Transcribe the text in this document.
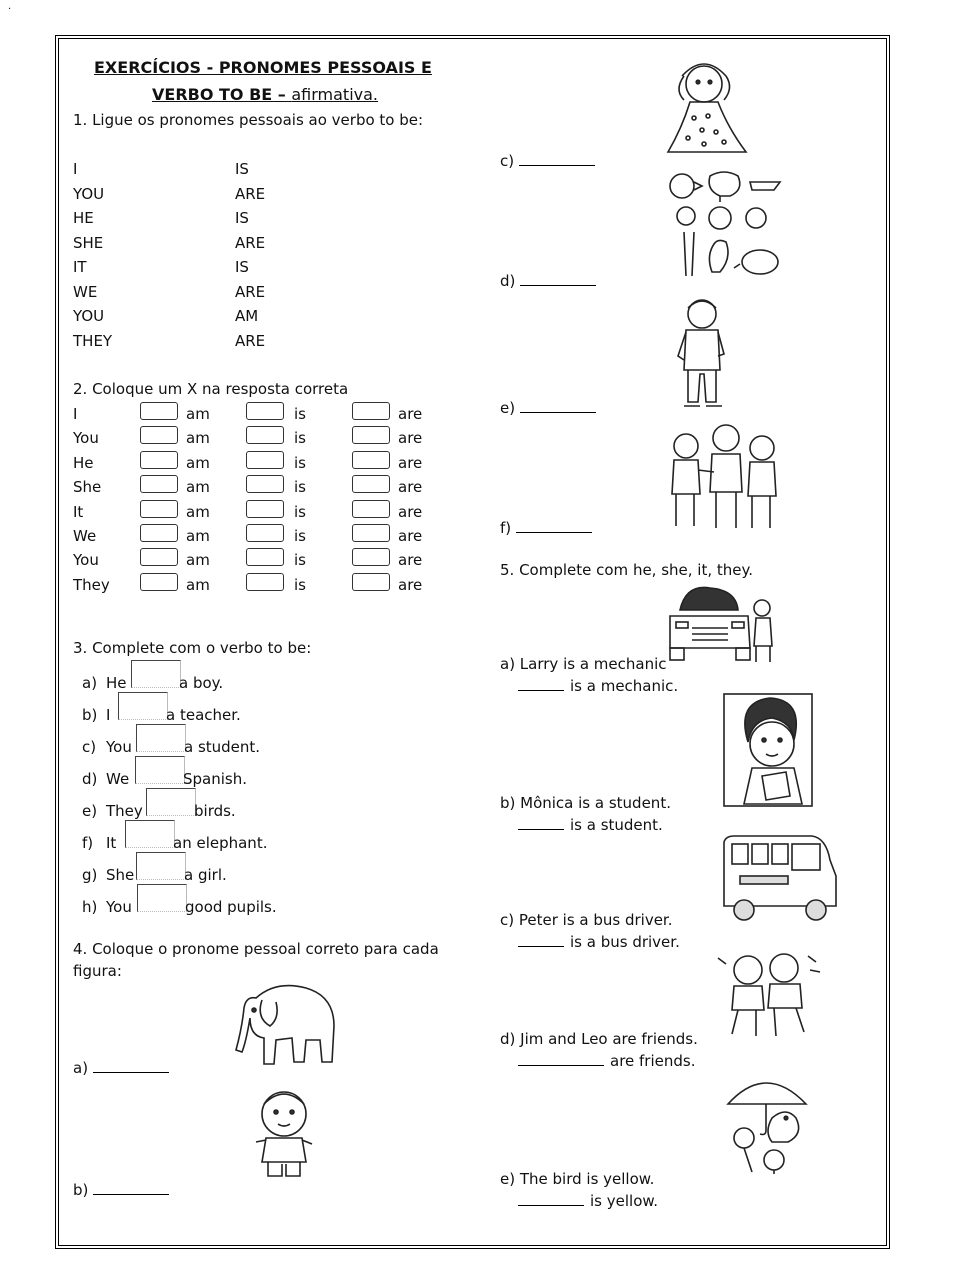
·
EXERCÍCIOS - PRONOMES PESSOAIS E
VERBO TO BE – afirmativa.
1. Ligue os pronomes pessoais ao verbo to be:
I	IS
YOU	ARE
HE	IS
SHE	ARE
IT	IS
WE	ARE
YOU	AM
THEY	ARE
2. Coloque um X na resposta correta
I	am	is	are
You	am	is	are
He	am	is	are
She	am	is	are
It	am	is	are
We	am	is	are
You	am	is	are
They	am	is	are
3. Complete com o verbo to be:
a) He	a boy.
b) I	a teacher.
c) You	a student.
d) We	Spanish.
e) They	birds.
f) It	an elephant.
g) She	a girl.
h) You	good pupils.
4. Coloque o pronome pessoal correto para cada
figura:
a)
b)
c)
d)
e)
f)
5. Complete com he, she, it, they.
a) Larry is a mechanic
is a mechanic.
b) Mônica is a student.
is a student.
c) Peter is a bus driver.
is a bus driver.
d) Jim and Leo are friends.
are friends.
e) The bird is yellow.
is yellow.
